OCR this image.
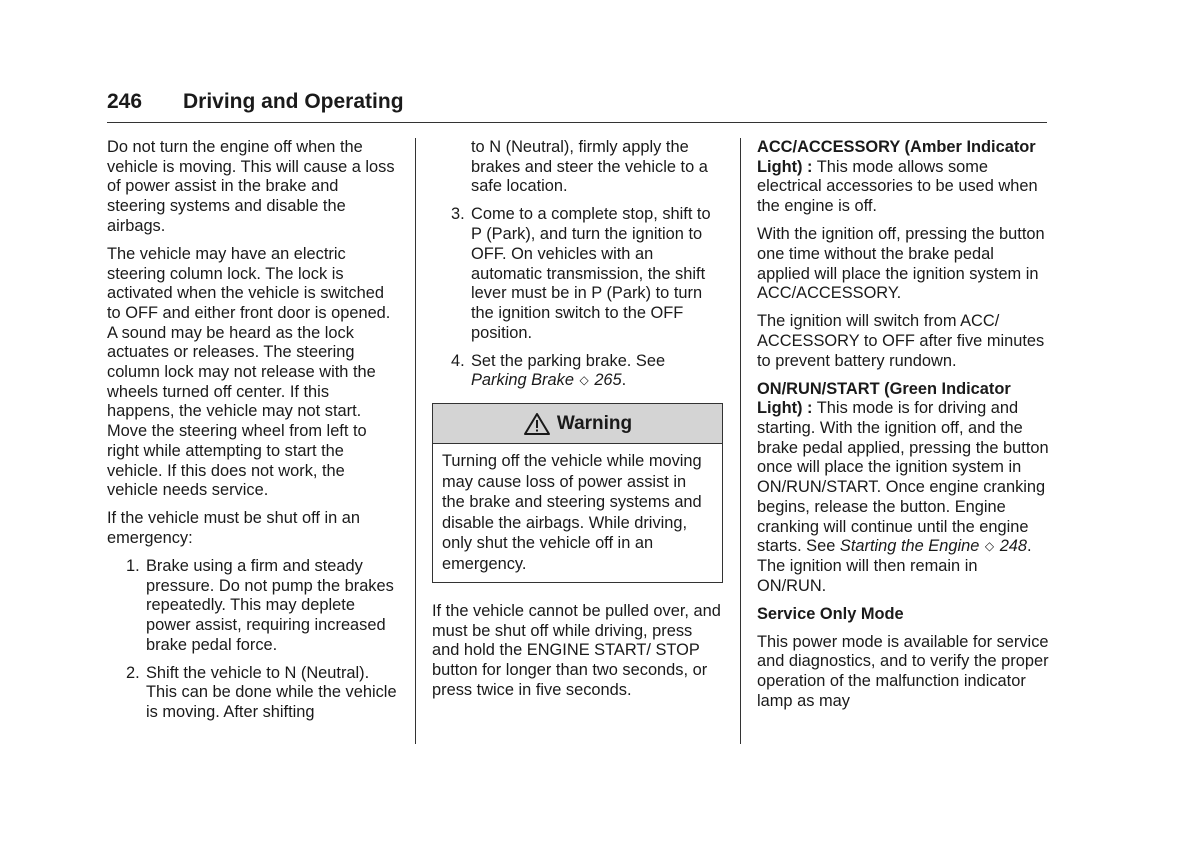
246 Driving and Operating

Do not turn the engine off when the vehicle is moving. This will cause a loss of power assist in the brake and steering systems and disable the airbags.

The vehicle may have an electric steering column lock. The lock is activated when the vehicle is switched to OFF and either front door is opened. A sound may be heard as the lock actuates or releases. The steering column lock may not release with the wheels turned off center. If this happens, the vehicle may not start. Move the steering wheel from left to right while attempting to start the vehicle. If this does not work, the vehicle needs service.

If the vehicle must be shut off in an emergency:

1. Brake using a firm and steady pressure. Do not pump the brakes repeatedly. This may deplete power assist, requiring increased brake pedal force.
2. Shift the vehicle to N (Neutral). This can be done while the vehicle is moving. After shifting
to N (Neutral), firmly apply the brakes and steer the vehicle to a safe location.
3. Come to a complete stop, shift to P (Park), and turn the ignition to OFF. On vehicles with an automatic transmission, the shift lever must be in P (Park) to turn the ignition switch to the OFF position.
4. Set the parking brake. See Parking Brake ◇ 265.
Warning
Turning off the vehicle while moving may cause loss of power assist in the brake and steering systems and disable the airbags. While driving, only shut the vehicle off in an emergency.

If the vehicle cannot be pulled over, and must be shut off while driving, press and hold the ENGINE START/ STOP button for longer than two seconds, or press twice in five seconds.

ACC/ACCESSORY (Amber Indicator Light) : This mode allows some electrical accessories to be used when the engine is off.

With the ignition off, pressing the button one time without the brake pedal applied will place the ignition system in ACC/ACCESSORY.

The ignition will switch from ACC/ ACCESSORY to OFF after five minutes to prevent battery rundown.

ON/RUN/START (Green Indicator Light) : This mode is for driving and starting. With the ignition off, and the brake pedal applied, pressing the button once will place the ignition system in ON/RUN/START. Once engine cranking begins, release the button. Engine cranking will continue until the engine starts. See Starting the Engine ◇ 248. The ignition will then remain in ON/RUN.

Service Only Mode

This power mode is available for service and diagnostics, and to verify the proper operation of the malfunction indicator lamp as may
